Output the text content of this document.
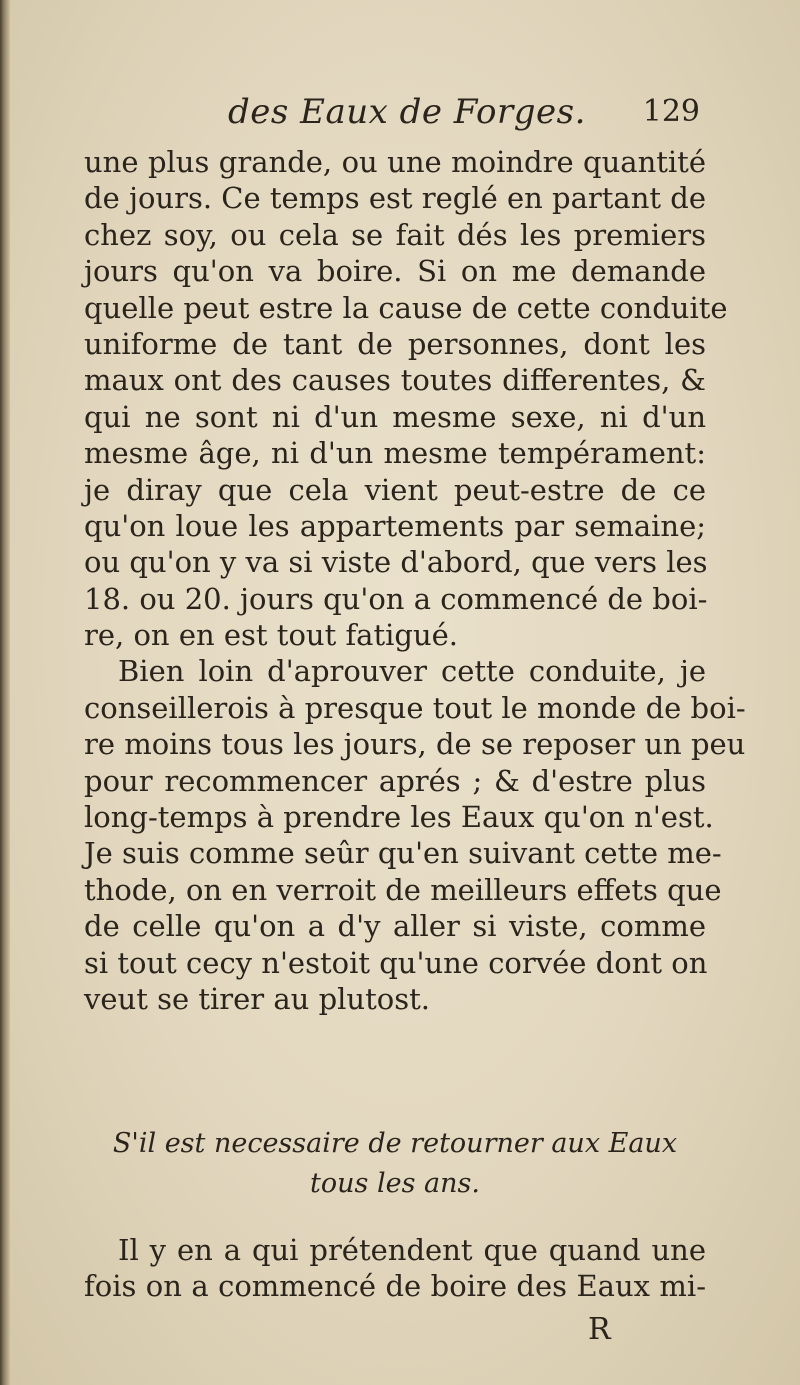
des Eaux de Forges. 129
une plus grande, ou une moindre quantité
de jours. Ce temps est reglé en partant de
chez soy, ou cela se fait dés les premiers
jours qu'on va boire. Si on me demande
quelle peut estre la cause de cette conduite
uniforme de tant de personnes, dont les
maux ont des causes toutes differentes, &
qui ne sont ni d'un mesme sexe, ni d'un
mesme âge, ni d'un mesme tempérament:
je diray que cela vient peut-estre de ce
qu'on loue les appartements par semaine;
ou qu'on y va si viste d'abord, que vers les
18. ou 20. jours qu'on a commencé de boi-
re, on en est tout fatigué.
Bien loin d'aprouver cette conduite, je
conseillerois à presque tout le monde de boi-
re moins tous les jours, de se reposer un peu
pour recommencer aprés ; & d'estre plus
long-temps à prendre les Eaux qu'on n'est.
Je suis comme seûr qu'en suivant cette me-
thode, on en verroit de meilleurs effets que
de celle qu'on a d'y aller si viste, comme
si tout cecy n'estoit qu'une corvée dont on
veut se tirer au plutost.
S'il est necessaire de retourner aux Eaux
tous les ans.
Il y en a qui prétendent que quand une
fois on a commencé de boire des Eaux mi-
R
